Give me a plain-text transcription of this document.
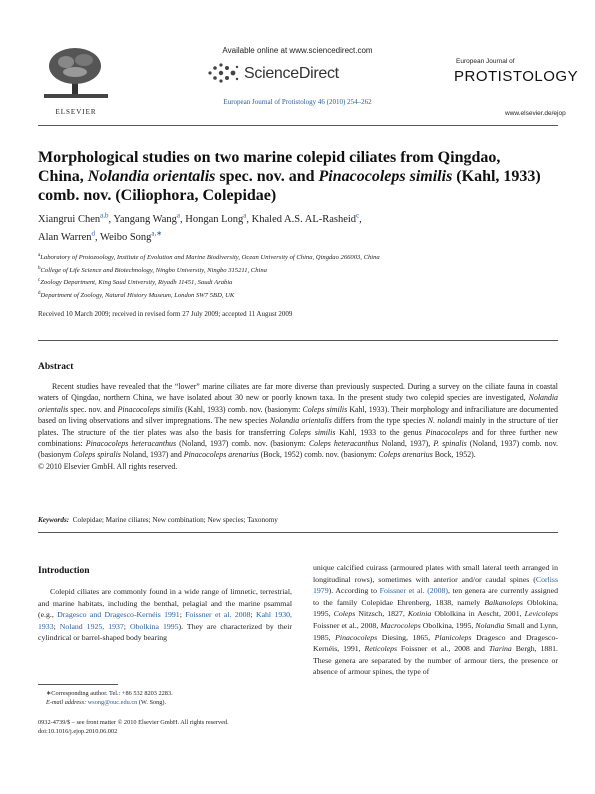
Available online at www.sciencedirect.com
ScienceDirect
European Journal of Protistology 46 (2010) 254–262
ELSEVIER
European Journal of
PROTISTOLOGY
www.elsevier.de/ejop
Morphological studies on two marine colepid ciliates from Qingdao,
China, Nolandia orientalis spec. nov. and Pinacocoleps similis (Kahl, 1933)
comb. nov. (Ciliophora, Colepidae)
Xiangrui Chen$^{a,b}$, Yangang Wang$^a$, Hongan Long$^a$, Khaled A.S. AL-Rasheid$^c$,
Alan Warren$^d$, Weibo Song$^{a,∗}$
$^a$Laboratory of Protozoology, Institute of Evolution and Marine Biodiversity, Ocean University of China, Qingdao 266003, China
$^b$College of Life Science and Biotechnology, Ningbo University, Ningbo 315211, China
$^c$Zoology Department, King Saud University, Riyadh 11451, Saudi Arabia
$^d$Department of Zoology, Natural History Museum, London SW7 5BD, UK
Received 10 March 2009; received in revised form 27 July 2009; accepted 11 August 2009
Abstract

Recent studies have revealed that the “lower” marine ciliates are far more diverse than previously suspected. During a survey on the ciliate fauna in coastal waters of Qingdao, northern China, we have isolated about 30 new or poorly known taxa. In the present study two colepid species are investigated, Nolandia orientalis spec. nov. and Pinacocoleps similis (Kahl, 1933) comb. nov. (basionym: Coleps similis Kahl, 1933). Their morphology and infraciliature are documented based on living observations and silver impregnations. The new species Nolandia orientalis differs from the type species N. nolandi mainly in the structure of tier plates. The structure of the tier plates was also the basis for transferring Coleps similis Kahl, 1933 to the genus Pinacocoleps and for three further new combinations: Pinacocoleps heteracanthus (Noland, 1937) comb. nov. (basionym: Coleps heteracanthus Noland, 1937), P. spinalis (Noland, 1937) comb. nov. (basionym Coleps spiralis Noland, 1937) and Pinacocoleps arenarius (Bock, 1952) comb. nov. (basionym: Coleps arenarius Bock, 1952).

© 2010 Elsevier GmbH. All rights reserved.

Keywords: Colepidae; Marine ciliates; New combination; New species; Taxonomy
Introduction

Colepid ciliates are commonly found in a wide range of limnetic, terrestrial, and marine habitats, including the benthal, pelagial and the marine psammal (e.g., Dragesco and Dragesco-Kernéis 1991; Foissner et al. 2008; Kahl 1930, 1933; Noland 1925, 1937; Obolkina 1995). They are characterized by their cylindrical or barrel-shaped body bearing

unique calcified cuirass (armoured plates with small lateral teeth arranged in longitudinal rows), sometimes with anterior and/or caudal spines (Corliss 1979). According to Foissner et al. (2008), ten genera are currently assigned to the family Colepidae Ehrenberg, 1838, namely Balkanoleps Oblokina, 1995, Coleps Nitzsch, 1827, Kotinia Oblolkina in Aescht, 2001, Levicoleps Foissner et al., 2008, Macrocoleps Obolkina, 1995, Nolandia Small and Lynn, 1985, Pinacocoleps Diesing, 1865, Planicoleps Dragesco and Dragesco-Kernéis, 1991, Reticoleps Foissner et al., 2008 and Tiarina Bergh, 1881. These genera are separated by the number of armour tiers, the presence or absence of armour spines, the type of

∗Corresponding author. Tel.: +86 532 8203 2283.
E-mail address: wsong@ouc.edu.cn (W. Song).
0932-4739/$ – see front matter © 2010 Elsevier GmbH. All rights reserved.
doi:10.1016/j.ejop.2010.06.002
